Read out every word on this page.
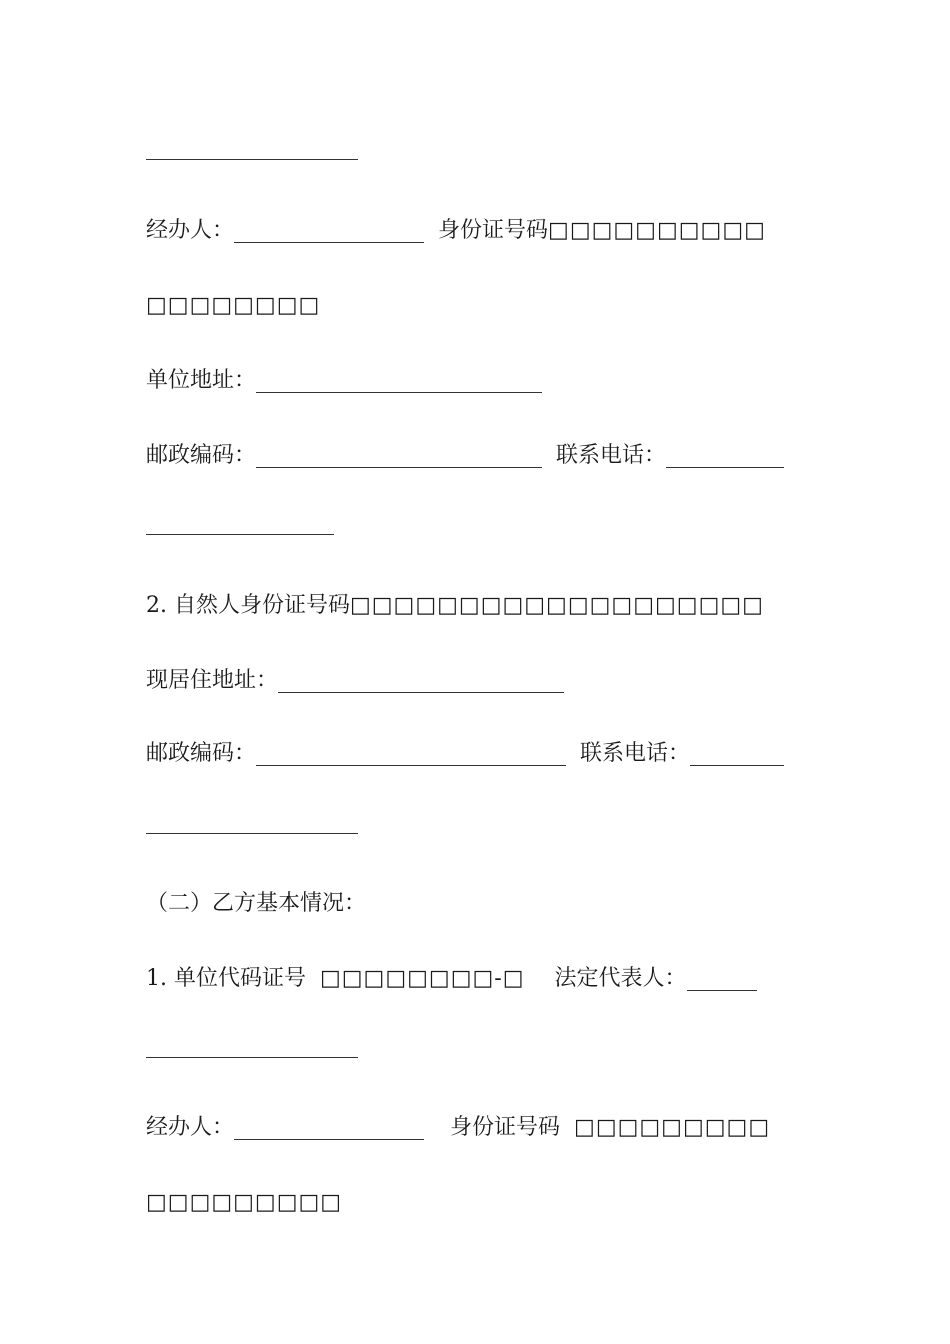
经办人：	身份证号码 □□□□□□□□□□
□□□□□□□□
单位地址：
邮政编码：	联系电话：
2. 自然人身份证号码 □□□□□□□□□□□□□□□□□□□
现居住地址：
邮政编码：	联系电话：
（二）乙方基本情况：
1. 单位代码证号 □□□□□□□□-□ 法定代表人：
经办人：	身份证号码 □□□□□□□□□
□□□□□□□□□
